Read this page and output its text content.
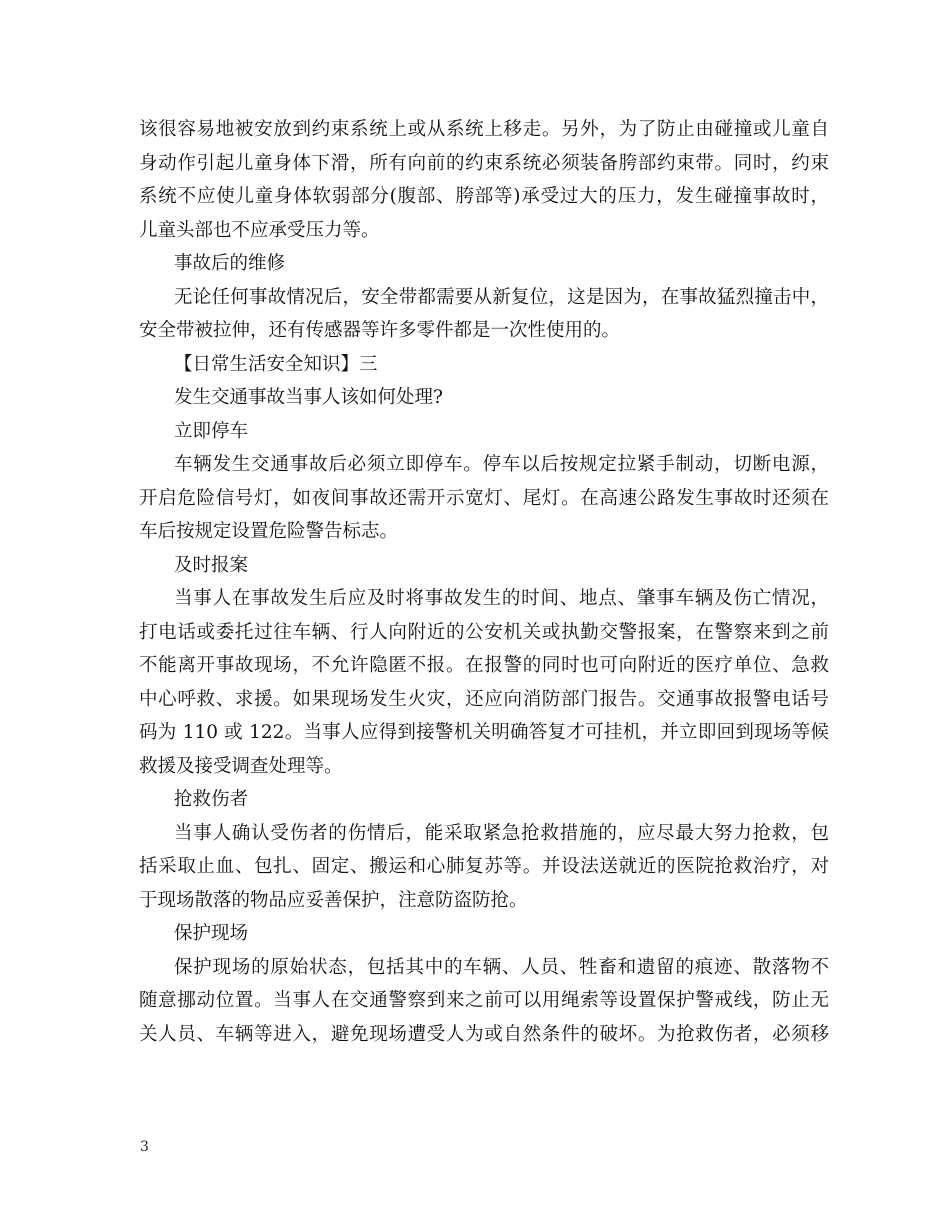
该很容易地被安放到约束系统上或从系统上移走。另外，为了防止由碰撞或儿童自
身动作引起儿童身体下滑，所有向前的约束系统必须装备胯部约束带。同时，约束
系统不应使儿童身体软弱部分(腹部、胯部等)承受过大的压力，发生碰撞事故时，
儿童头部也不应承受压力等。
事故后的维修
无论任何事故情况后，安全带都需要从新复位，这是因为，在事故猛烈撞击中，
安全带被拉伸，还有传感器等许多零件都是一次性使用的。
【日常生活安全知识】三
发生交通事故当事人该如何处理?
立即停车
车辆发生交通事故后必须立即停车。停车以后按规定拉紧手制动，切断电源，
开启危险信号灯，如夜间事故还需开示宽灯、尾灯。在高速公路发生事故时还须在
车后按规定设置危险警告标志。
及时报案
当事人在事故发生后应及时将事故发生的时间、地点、肇事车辆及伤亡情况，
打电话或委托过往车辆、行人向附近的公安机关或执勤交警报案，在警察来到之前
不能离开事故现场，不允许隐匿不报。在报警的同时也可向附近的医疗单位、急救
中心呼救、求援。如果现场发生火灾，还应向消防部门报告。交通事故报警电话号
码为 110 或 122。当事人应得到接警机关明确答复才可挂机，并立即回到现场等候
救援及接受调查处理等。
抢救伤者
当事人确认受伤者的伤情后，能采取紧急抢救措施的，应尽最大努力抢救，包
括采取止血、包扎、固定、搬运和心肺复苏等。并设法送就近的医院抢救治疗，对
于现场散落的物品应妥善保护，注意防盗防抢。
保护现场
保护现场的原始状态，包括其中的车辆、人员、牲畜和遗留的痕迹、散落物不
随意挪动位置。当事人在交通警察到来之前可以用绳索等设置保护警戒线，防止无
关人员、车辆等进入，避免现场遭受人为或自然条件的破坏。为抢救伤者，必须移
3
